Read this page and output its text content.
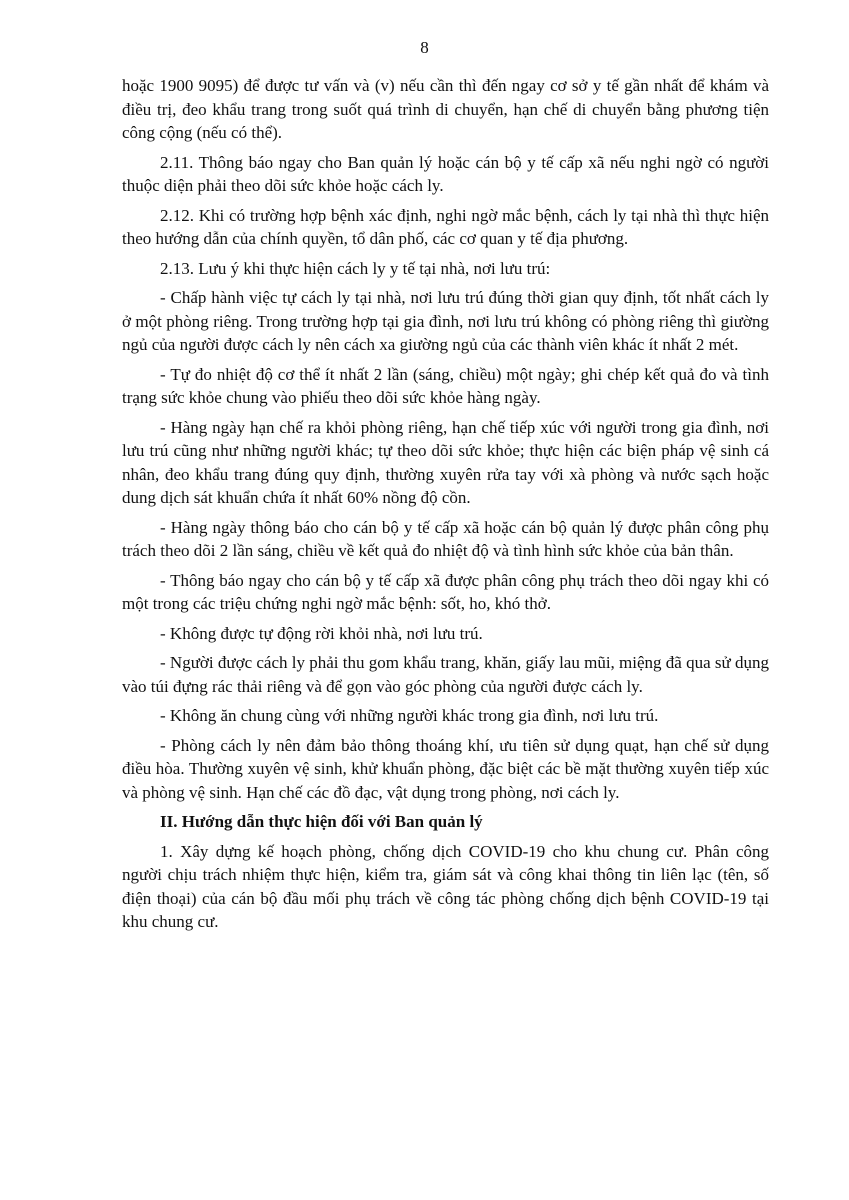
8

hoặc 1900 9095) để được tư vấn và (v) nếu cần thì đến ngay cơ sở y tế gần nhất để khám và điều trị, đeo khẩu trang trong suốt quá trình di chuyển, hạn chế di chuyển bằng phương tiện công cộng (nếu có thể).

2.11. Thông báo ngay cho Ban quản lý hoặc cán bộ y tế cấp xã nếu nghi ngờ có người thuộc diện phải theo dõi sức khỏe hoặc cách ly.

2.12. Khi có trường hợp bệnh xác định, nghi ngờ mắc bệnh, cách ly tại nhà thì thực hiện theo hướng dẫn của chính quyền, tổ dân phố, các cơ quan y tế địa phương.

2.13. Lưu ý khi thực hiện cách ly y tế tại nhà, nơi lưu trú:

- Chấp hành việc tự cách ly tại nhà, nơi lưu trú đúng thời gian quy định, tốt nhất cách ly ở một phòng riêng. Trong trường hợp tại gia đình, nơi lưu trú không có phòng riêng thì giường ngủ của người được cách ly nên cách xa giường ngủ của các thành viên khác ít nhất 2 mét.

- Tự đo nhiệt độ cơ thể ít nhất 2 lần (sáng, chiều) một ngày; ghi chép kết quả đo và tình trạng sức khỏe chung vào phiếu theo dõi sức khỏe hàng ngày.

- Hàng ngày hạn chế ra khỏi phòng riêng, hạn chế tiếp xúc với người trong gia đình, nơi lưu trú cũng như những người khác; tự theo dõi sức khỏe; thực hiện các biện pháp vệ sinh cá nhân, đeo khẩu trang đúng quy định, thường xuyên rửa tay với xà phòng và nước sạch hoặc dung dịch sát khuẩn chứa ít nhất 60% nồng độ cồn.

- Hàng ngày thông báo cho cán bộ y tế cấp xã hoặc cán bộ quản lý được phân công phụ trách theo dõi 2 lần sáng, chiều về kết quả đo nhiệt độ và tình hình sức khỏe của bản thân.

- Thông báo ngay cho cán bộ y tế cấp xã được phân công phụ trách theo dõi ngay khi có một trong các triệu chứng nghi ngờ mắc bệnh: sốt, ho, khó thở.

- Không được tự động rời khỏi nhà, nơi lưu trú.

- Người được cách ly phải thu gom khẩu trang, khăn, giấy lau mũi, miệng đã qua sử dụng vào túi đựng rác thải riêng và để gọn vào góc phòng của người được cách ly.

- Không ăn chung cùng với những người khác trong gia đình, nơi lưu trú.

- Phòng cách ly nên đảm bảo thông thoáng khí, ưu tiên sử dụng quạt, hạn chế sử dụng điều hòa. Thường xuyên vệ sinh, khử khuẩn phòng, đặc biệt các bề mặt thường xuyên tiếp xúc và phòng vệ sinh. Hạn chế các đồ đạc, vật dụng trong phòng, nơi cách ly.

II. Hướng dẫn thực hiện đối với Ban quản lý

1. Xây dựng kế hoạch phòng, chống dịch COVID-19 cho khu chung cư. Phân công người chịu trách nhiệm thực hiện, kiểm tra, giám sát và công khai thông tin liên lạc (tên, số điện thoại) của cán bộ đầu mối phụ trách về công tác phòng chống dịch bệnh COVID-19 tại khu chung cư.
